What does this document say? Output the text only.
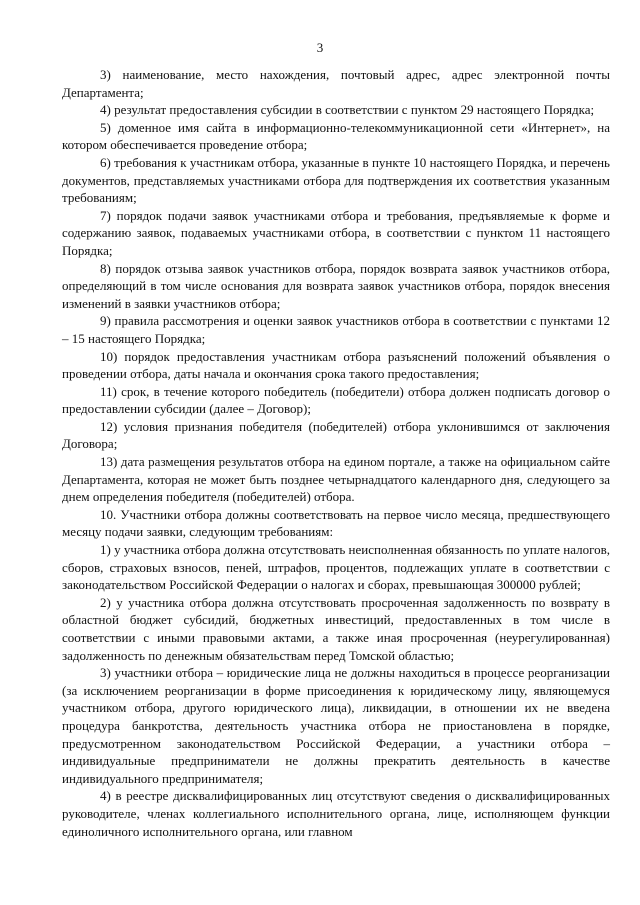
3

3) наименование, место нахождения, почтовый адрес, адрес электронной почты Департамента;

4) результат предоставления субсидии в соответствии с пунктом 29 настоящего Порядка;

5) доменное имя сайта в информационно-телекоммуникационной сети «Интернет», на котором обеспечивается проведение отбора;

6) требования к участникам отбора, указанные в пункте 10 настоящего Порядка, и перечень документов, представляемых участниками отбора для подтверждения их соответствия указанным требованиям;

7) порядок подачи заявок участниками отбора и требования, предъявляемые к форме и содержанию заявок, подаваемых участниками отбора, в соответствии с пунктом 11 настоящего Порядка;

8) порядок отзыва заявок участников отбора, порядок возврата заявок участников отбора, определяющий в том числе основания для возврата заявок участников отбора, порядок внесения изменений в заявки участников отбора;

9) правила рассмотрения и оценки заявок участников отбора в соответствии с пунктами 12 – 15 настоящего Порядка;

10) порядок предоставления участникам отбора разъяснений положений объявления о проведении отбора, даты начала и окончания срока такого предоставления;

11) срок, в течение которого победитель (победители) отбора должен подписать договор о предоставлении субсидии (далее – Договор);

12) условия признания победителя (победителей) отбора уклонившимся от заключения Договора;

13) дата размещения результатов отбора на едином портале, а также на официальном сайте Департамента, которая не может быть позднее четырнадцатого календарного дня, следующего за днем определения победителя (победителей) отбора.

10. Участники отбора должны соответствовать на первое число месяца, предшествующего месяцу подачи заявки, следующим требованиям:

1) у участника отбора должна отсутствовать неисполненная обязанность по уплате налогов, сборов, страховых взносов, пеней, штрафов, процентов, подлежащих уплате в соответствии с законодательством Российской Федерации о налогах и сборах, превышающая 300000 рублей;

2) у участника отбора должна отсутствовать просроченная задолженность по возврату в областной бюджет субсидий, бюджетных инвестиций, предоставленных в том числе в соответствии с иными правовыми актами, а также иная просроченная (неурегулированная) задолженность по денежным обязательствам перед Томской областью;

3) участники отбора – юридические лица не должны находиться в процессе реорганизации (за исключением реорганизации в форме присоединения к юридическому лицу, являющемуся участником отбора, другого юридического лица), ликвидации, в отношении их не введена процедура банкротства, деятельность участника отбора не приостановлена в порядке, предусмотренном законодательством Российской Федерации, а участники отбора – индивидуальные предприниматели не должны прекратить деятельность в качестве индивидуального предпринимателя;

4) в реестре дисквалифицированных лиц отсутствуют сведения о дисквалифицированных руководителе, членах коллегиального исполнительного органа, лице, исполняющем функции единоличного исполнительного органа, или главном
